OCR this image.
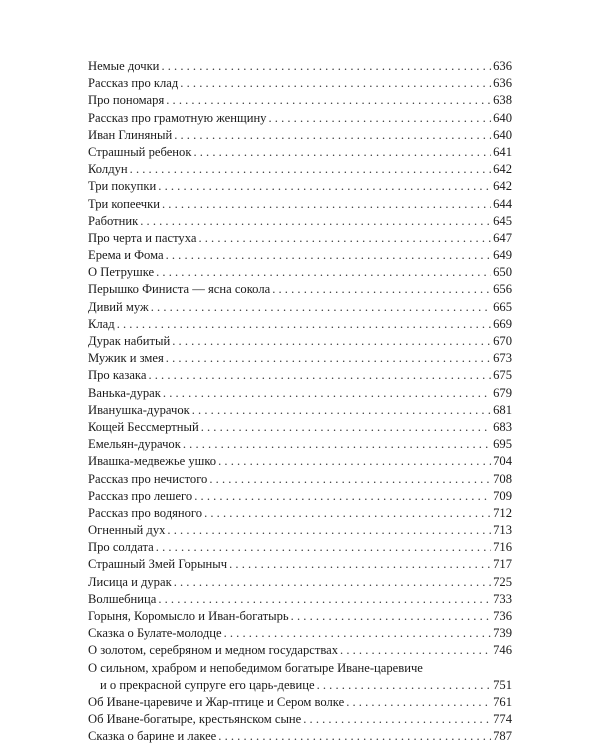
Немые дочки . . .	636
Рассказ про клад . . .	636
Про пономаря . . .	638
Рассказ про грамотную женщину . . .	640
Иван Глиняный . . .	640
Страшный ребенок . . .	641
Колдун . . .	642
Три покупки . . .	642
Три копеечки . . .	644
Работник . . .	645
Про черта и пастуха . . .	647
Ерема и Фома . . .	649
О Петрушке . . .	650
Перышко Финиста — ясна сокола . . .	656
Дивий муж . . .	665
Клад . . .	669
Дурак набитый . . .	670
Мужик и змея . . .	673
Про казака . . .	675
Ванька-дурак . . .	679
Иванушка-дурачок . . .	681
Кощей Бессмертный . . .	683
Емельян-дурачок . . .	695
Ивашка-медвежье ушко . . .	704
Рассказ про нечистого . . .	708
Рассказ про лешего . . .	709
Рассказ про водяного . . .	712
Огненный дух . . .	713
Про солдата . . .	716
Страшный Змей Горыныч . . .	717
Лисица и дурак . . .	725
Волшебница . . .	733
Горыня, Коромысло и Иван-богатырь . . .	736
Сказка о Булате-молодце . . .	739
О золотом, серебряном и медном государствах . . .	746
О сильном, храбром и непобедимом богатыре Иване-царевиче
и о прекрасной супруге его царь-девице . . .	751
Об Иване-царевиче и Жар-птице и Сером волке . . .	761
Об Иване-богатыре, крестьянском сыне . . .	774
Сказка о барине и лакее . . .	787
